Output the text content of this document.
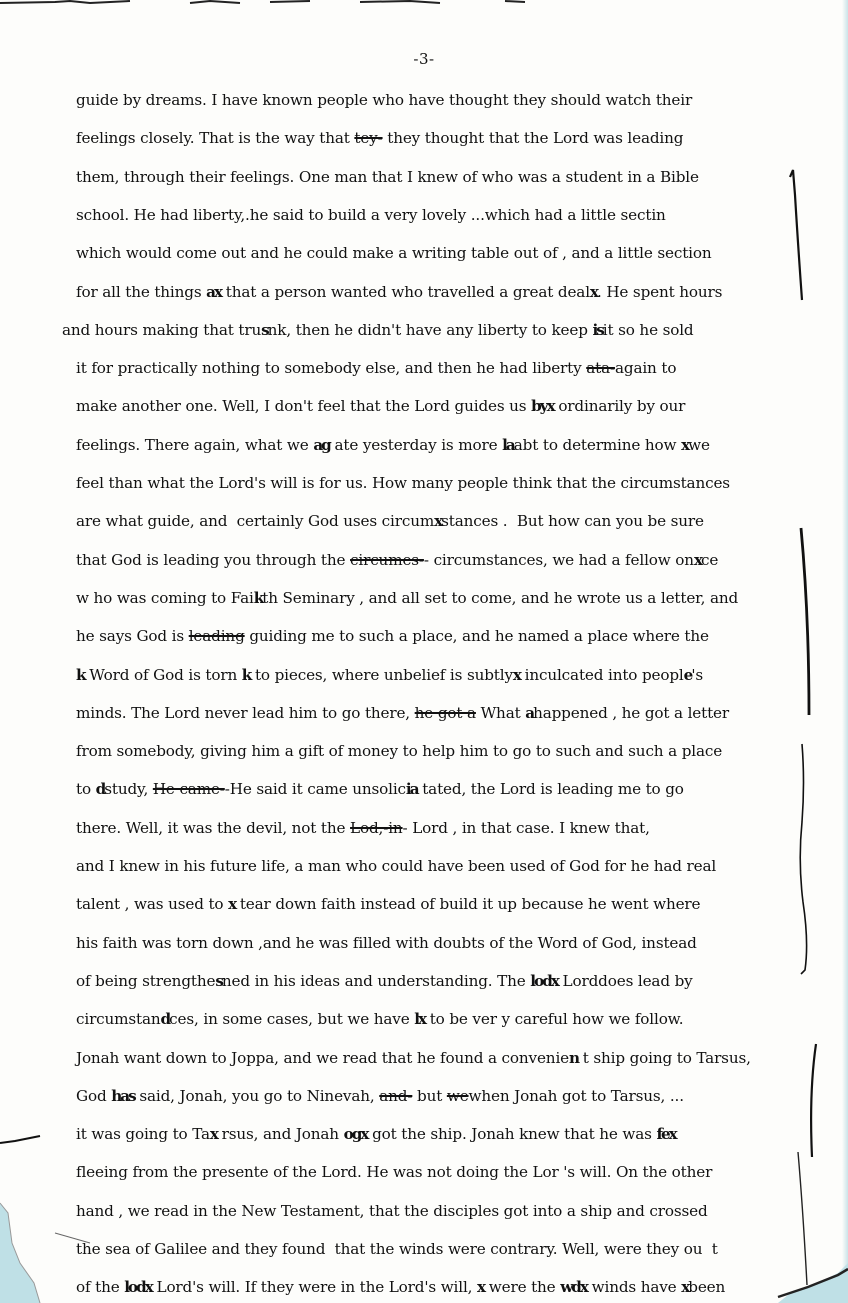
-3-
guide by dreams. I have known people who have thought they should watch their
feelings closely. That is the way that tey- they thought that the Lord was leading
them, through their feelings. One man that I knew of who was a student in a Bible
school. He had liberty,.he said to build a very lovely ...which had a little sectin
which would come out and he could make a writing table out of , and a little section
for all the things ax that a person wanted who travelled a great dealx. He spent hours
and hours making that trusnk, then he didn't have any liberty to keep isit so he sold
it for practically nothing to somebody else, and then he had liberty ata-again to
make another one. Well, I don't feel that the Lord guides us byx ordinarily by our
feelings. There again, what we ag ate yesterday is more laabt to determine how xwe
feel than what the Lord's will is for us. How many people think that the circumstances
are what guide, and  certainly God uses circumxstances .  But how can you be sure
that God is leading you through the circumes-- circumstances, we had a fellow onxce
w ho was coming to Faikth Seminary , and all set to come, and he wrote us a letter, and
he says God is leading guiding me to such a place, and he named a place where the
k Word of God is torn k to pieces, where unbelief is subtlyx inculcated into people's
minds. The Lord never lead him to go there, he got a What ahappened , he got a letter
from somebody, giving him a gift of money to help him to go to such and such a place
to dstudy, He came--He said it came unsolicia tated, the Lord is leading me to go
there. Well, it was the devil, not the Lod,-in- Lord , in that case. I knew that,
and I knew in his future life, a man who could have been used of God for he had real
talent , was used to x tear down faith instead of build it up because he went where
his faith was torn down ,and he was filled with doubts of the Word of God, instead
of being strengthesned in his ideas and understanding. The lodx Lorddoes lead by
circumstandces, in some cases, but we have lx to be ver y careful how we follow.
Jonah want down to Joppa, and we read that he found a convenien t ship going to Tarsus,
God has said, Jonah, you go to Ninevah, and- but wewhen Jonah got to Tarsus, ...
it was going to Tax rsus, and Jonah ogx got the ship. Jonah knew that he was fex
fleeing from the presente of the Lord. He was not doing the Lor 's will. On the other
hand , we read in the New Testament, that the disciples got into a ship and crossed
the sea of Galilee and they found  that the winds were contrary. Well, were they ou  t
of the lodx Lord's will. If they were in the Lord's will, x were the wdx winds have xbeen
